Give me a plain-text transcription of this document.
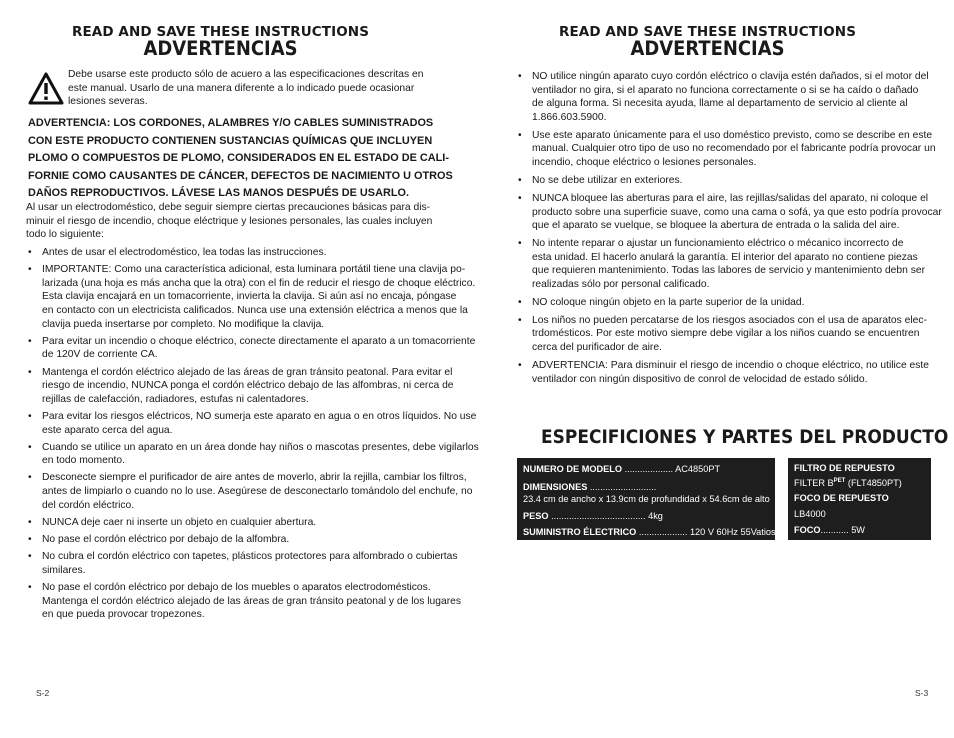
READ AND SAVE THESE INSTRUCTIONS
ADVERTENCIAS
Debe usarse este producto sólo de acuero a las especificaciones descritas en
este manual. Usarlo de una manera diferente a lo indicado puede ocasionar
lesiones severas.
ADVERTENCIA: LOS CORDONES, ALAMBRES Y/O CABLES SUMINISTRADOS
CON ESTE PRODUCTO CONTIENEN SUSTANCIAS QUÍMICAS QUE INCLUYEN
PLOMO O COMPUESTOS DE PLOMO, CONSIDERADOS EN EL ESTADO DE CALI-
FORNIE COMO CAUSANTES DE CÁNCER, DEFECTOS DE NACIMIENTO U OTROS
DAÑOS REPRODUCTIVOS. LÁVESE LAS MANOS DESPUÉS DE USARLO.
Al usar un electrodoméstico, debe seguir siempre ciertas precauciones básicas para dis-
minuir el riesgo de incendio, choque eléctrique y lesiones personales, las cuales incluyen
todo lo siguiente:
• Antes de usar el electrodoméstico, lea todas las instrucciones.
• IMPORTANTE: Como una característica adicional, esta luminara portátil tiene una clavija po-
larizada (una hoja es más ancha que la otra) con el fin de reducir el riesgo de choque eléctrico.
Esta clavija encajará en un tomacorriente, invierta la clavija. Si aún así no encaja, póngase
en contacto con un electricista calificados. Nunca use una extensión eléctrica a menos que la
clavija pueda insertarse por completo. No modifique la clavija.
• Para evitar un incendio o choque eléctrico, conecte directamente el aparato a un tomacorriente
de 120V de corriente CA.
• Mantenga el cordón eléctrico alejado de las áreas de gran tránsito peatonal. Para evitar el
riesgo de incendio, NUNCA ponga el cordón eléctrico debajo de las alfombras, ni cerca de
rejillas de calefacción, radiadores, estufas ni calentadores.
• Para evitar los riesgos eléctricos, NO sumerja este aparato en agua o en otros líquidos. No use
este aparato cerca del agua.
• Cuando se utilice un aparato en un área donde hay niños o mascotas presentes, debe vigilarlos
en todo momento.
• Desconecte siempre el purificador de aire antes de moverlo, abrir la rejilla, cambiar los filtros,
antes de limpiarlo o cuando no lo use. Asegúrese de desconectarlo tomándolo del enchufe, no
del cordón eléctrico.
• NUNCA deje caer ni inserte un objeto en cualquier abertura.
• No pase el cordón eléctrico por debajo de la alfombra.
• No cubra el cordón eléctrico con tapetes, plásticos protectores para alfombrado o cubiertas
similares.
• No pase el cordón eléctrico por debajo de los muebles o aparatos electrodomésticos.
Mantenga el cordón eléctrico alejado de las áreas de gran tránsito peatonal y de los lugares
en que pueda provocar tropezones.
S-2
READ AND SAVE THESE INSTRUCTIONS
ADVERTENCIAS
• NO utilice ningún aparato cuyo cordón eléctrico o clavija estén dañados, si el motor del
ventilador no gira, si el aparato no funciona correctamente o si se ha caído o dañado
de alguna forma. Si necesita ayuda, llame al departamento de servicio al cliente al
1.866.603.5900.
• Use este aparato únicamente para el uso doméstico previsto, como se describe en este
manual. Cualquier otro tipo de uso no recomendado por el fabricante podría provocar un
incendio, choque eléctrico o lesiones personales.
• No se debe utilizar en exteriores.
• NUNCA bloquee las aberturas para el aire, las rejillas/salidas del aparato, ni coloque el
producto sobre una superficie suave, como una cama o sofá, ya que esto podría provocar
que el aparato se vuelque, se bloquee la abertura de entrada o la salida del aire.
• No intente reparar o ajustar un funcionamiento eléctrico o mécanico incorrecto de
esta unidad. El hacerlo anulará la garantía. El interior del aparato no contiene piezas
que requieren mantenimiento. Todas las labores de servicio y mantenimiento debn ser
realizadas sólo por personal calificado.
• NO coloque ningún objeto en la parte superior de la unidad.
• Los niños no pueden percatarse de los riesgos asociados con el usa de aparatos elec-
trdomésticos. Por este motivo siempre debe vigilar a los niños cuando se encuentren
cerca del purificador de aire.
• ADVERTENCIA: Para disminuir el riesgo de incendio o choque eléctrico, no utilice este
ventilador con ningún dispositivo de conrol de velocidad de estado sólido.
ESPECIFICIONES Y PARTES DEL PRODUCTO
NUMERO DE MODELO ................... AC4850PT
DIMENSIONES ..........................
23.4 cm de ancho x 13.9cm de profundidad x 54.6cm de alto
PESO ..................................... 4kg
SUMINISTRO ÉLECTRICO ................... 120 V 60Hz 55Vatios
FILTRO DE REPUESTO
FILTER $B^{PET}$ (FLT4850PT)
FOCO DE REPUESTO
LB4000
FOCO........... 5W
S-3
